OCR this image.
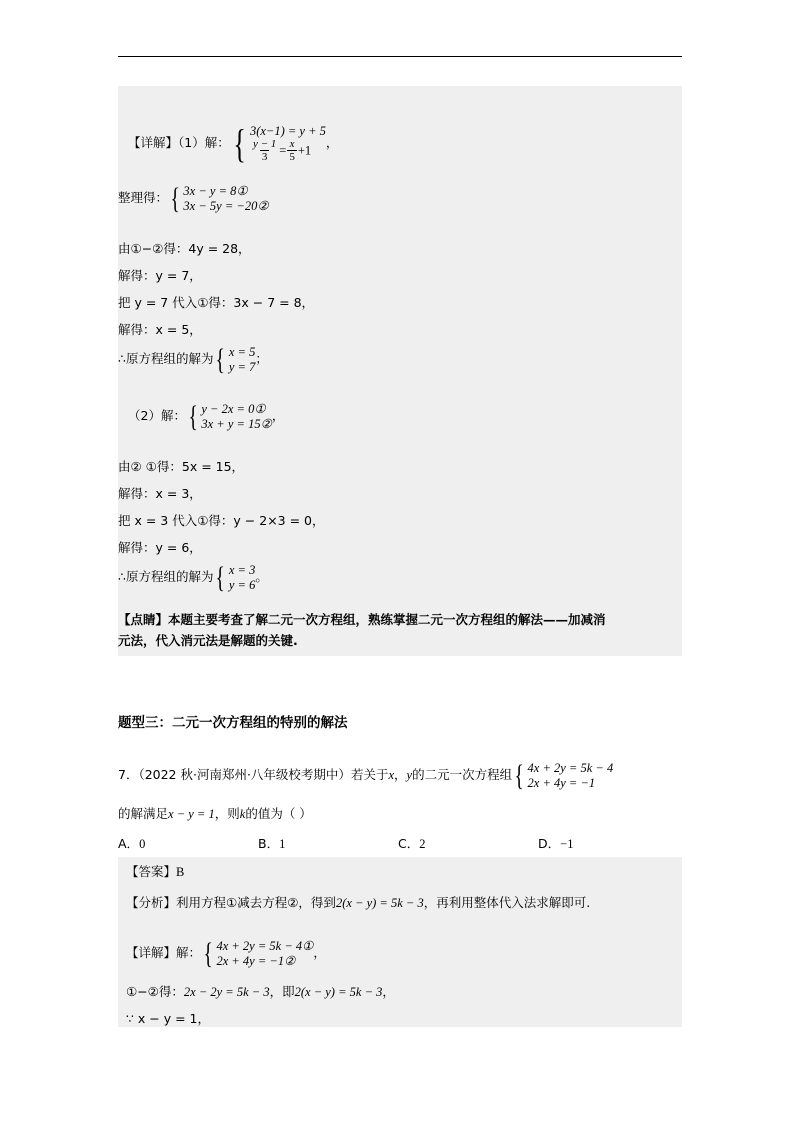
【详解】（1）解： { 3(x−1) = y + 5
$\frac{y - 1}{3} = \frac{x}{5} +1$
，
整理得： { 3x − y = 8①
3x − 5y = −20②
由①−②得：4y = 28，
解得：y = 7，
把 y = 7 代入①得：3x − 7 = 8，
解得：x = 5，
∴原方程组的解为 { x = 5
y = 7
；
（2）解： { y − 2x = 0①
3x + y = 15②
，
由② ①得：5x = 15，
解得：x = 3，
把 x = 3 代入①得：y − 2×3 = 0，
解得：y = 6，
∴原方程组的解为 { x = 3
y = 6
。
【点睛】本题主要考查了解二元一次方程组，熟练掌握二元一次方程组的解法——加减消
元法，代入消元法是解题的关键.
题型三：二元一次方程组的特别的解法
7．（2022 秋·河南郑州·八年级校考期中）若关于x，y的二元一次方程组 { 4x + 2y = 5k − 4
2x + 4y = −1
的解满足x − y = 1，则k的值为（ ）
A．0	B．1	C．2	D．−1
【答案】B
【分析】利用方程①减去方程②，得到2(x − y) = 5k − 3，再利用整体代入法求解即可.
【详解】解： { 4x + 2y = 5k − 4①
2x + 4y = −1②
，
①−②得：2x − 2y = 5k − 3，即2(x − y) = 5k − 3，
∵ x − y = 1，
